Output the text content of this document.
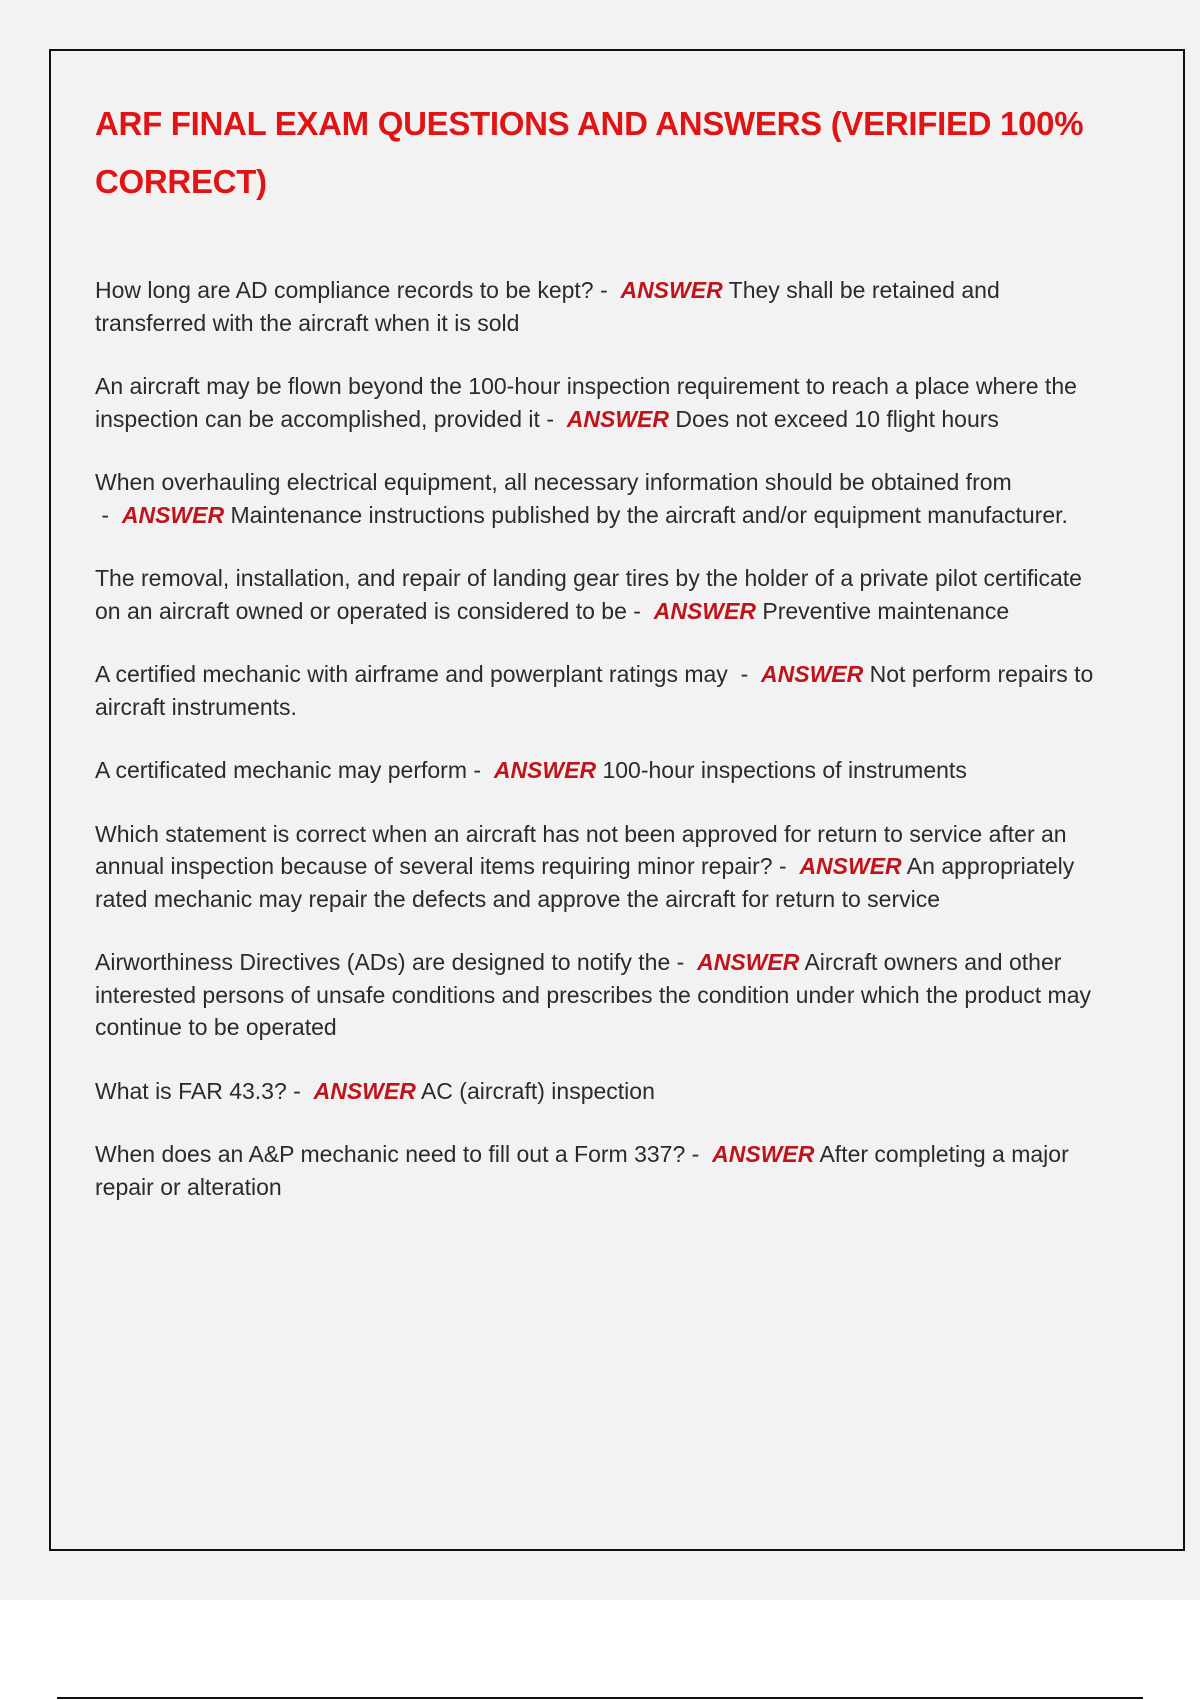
ARF FINAL EXAM QUESTIONS AND ANSWERS (VERIFIED 100% CORRECT)

How long are AD compliance records to be kept? -  ANSWER They shall be retained and transferred with the aircraft when it is sold

An aircraft may be flown beyond the 100-hour inspection requirement to reach a place where the inspection can be accomplished, provided it -  ANSWER Does not exceed 10 flight hours

When overhauling electrical equipment, all necessary information should be obtained from -  ANSWER Maintenance instructions published by the aircraft and/or equipment manufacturer.

The removal, installation, and repair of landing gear tires by the holder of a private pilot certificate on an aircraft owned or operated is considered to be -  ANSWER Preventive maintenance

A certified mechanic with airframe and powerplant ratings may  -  ANSWER Not perform repairs to aircraft instruments.

A certificated mechanic may perform -  ANSWER 100-hour inspections of instruments

Which statement is correct when an aircraft has not been approved for return to service after an annual inspection because of several items requiring minor repair? -  ANSWER An appropriately rated mechanic may repair the defects and approve the aircraft for return to service

Airworthiness Directives (ADs) are designed to notify the -  ANSWER Aircraft owners and other interested persons of unsafe conditions and prescribes the condition under which the product may continue to be operated

What is FAR 43.3? -  ANSWER AC (aircraft) inspection

When does an A&P mechanic need to fill out a Form 337? -  ANSWER After completing a major repair or alteration
